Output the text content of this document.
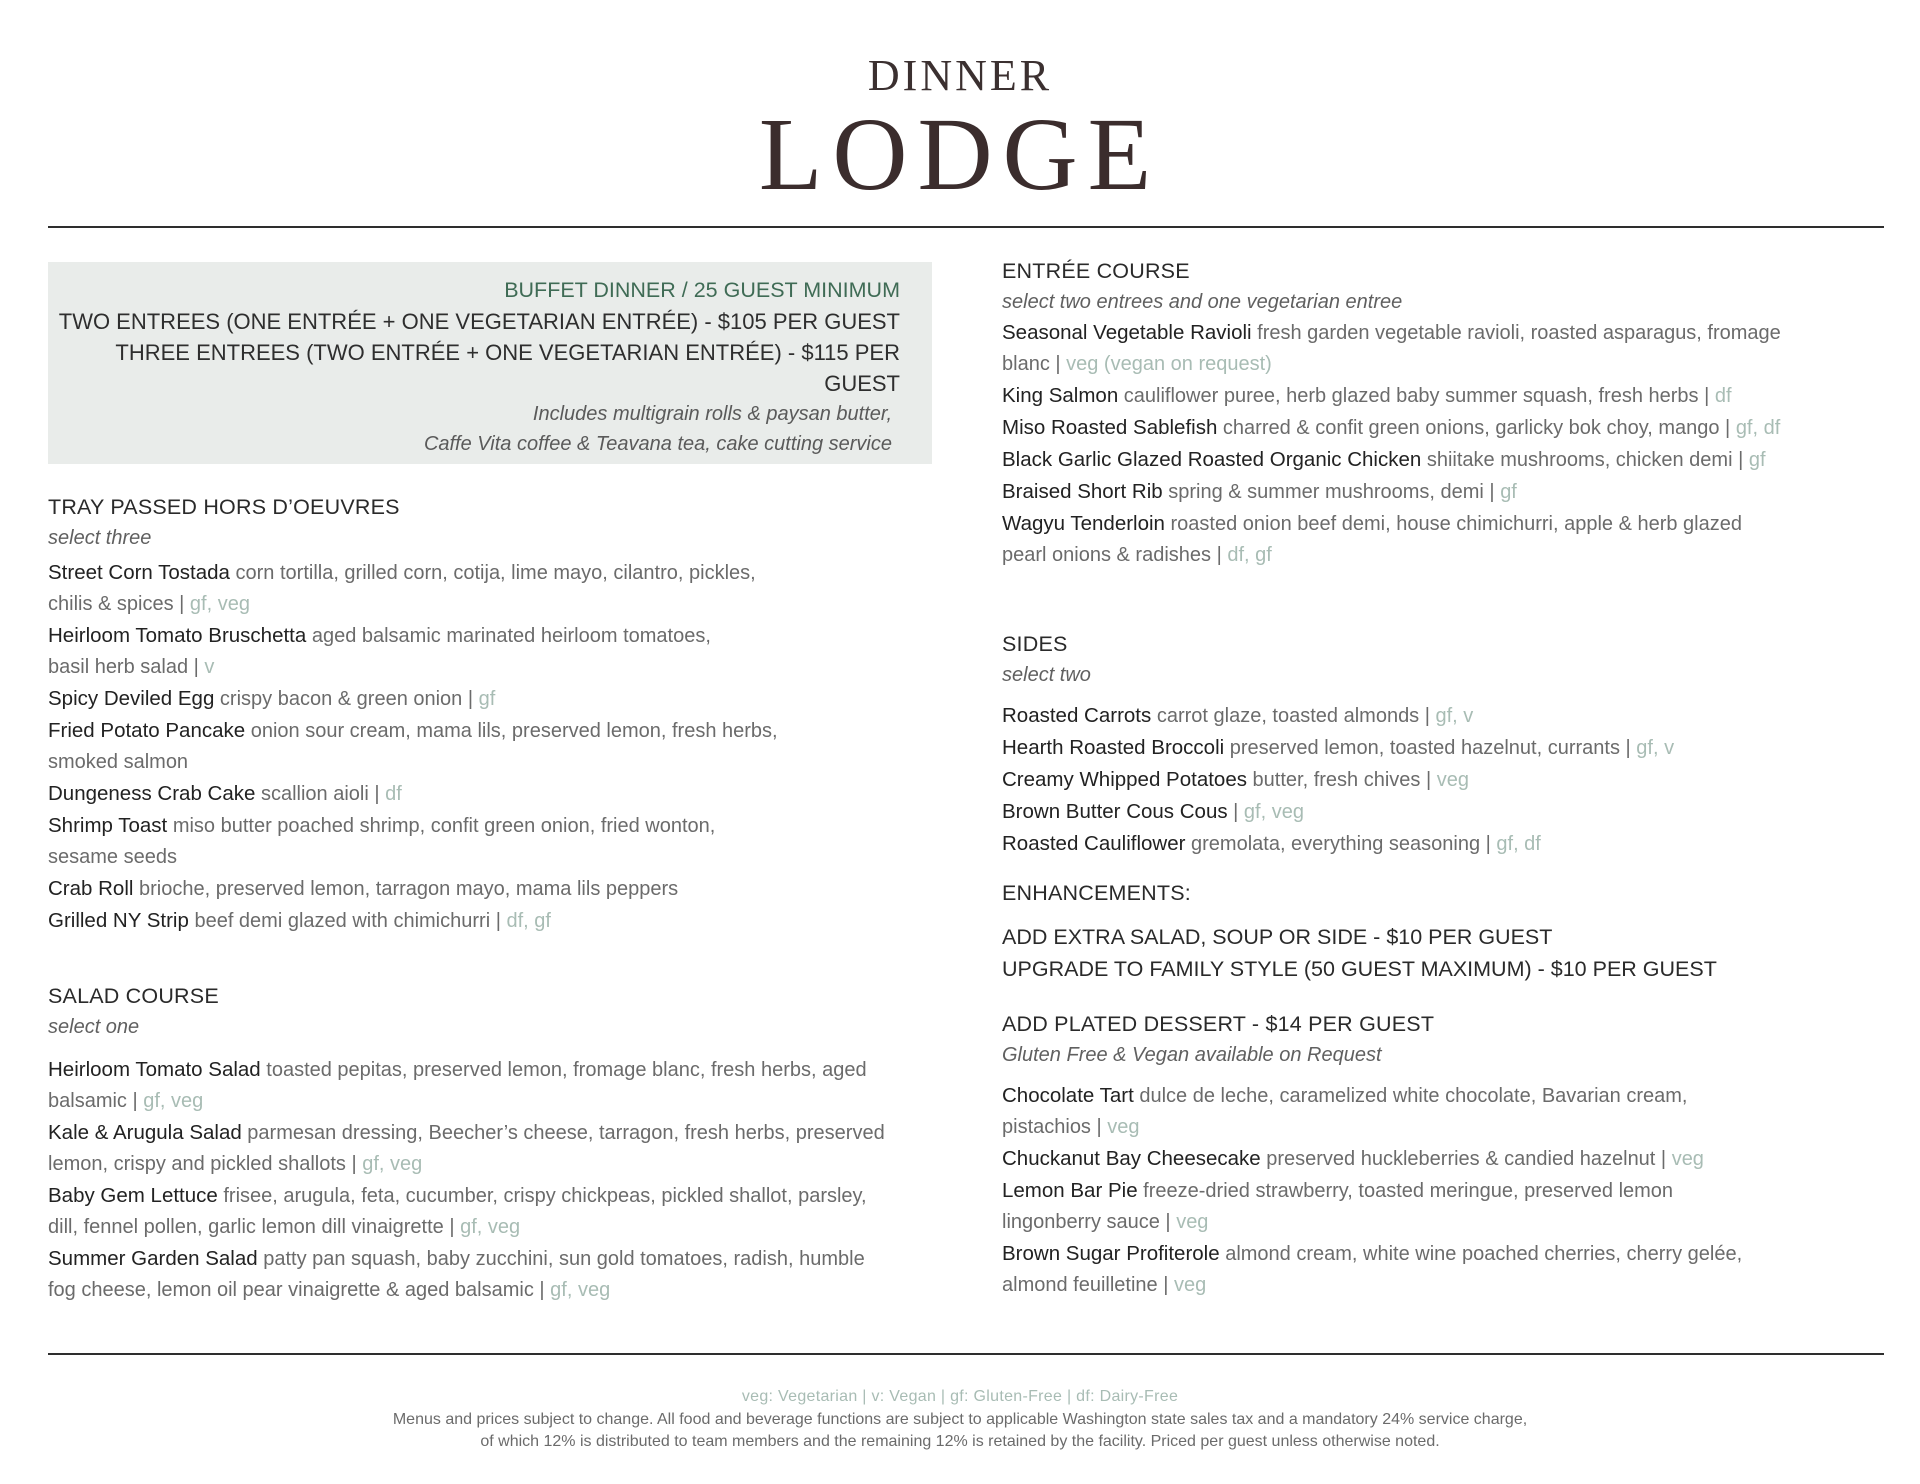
DINNER
LODGE
BUFFET DINNER / 25 GUEST MINIMUM
TWO ENTREES (ONE ENTRÉE + ONE VEGETARIAN ENTRÉE) - $105 PER GUEST
THREE ENTREES (TWO ENTRÉE + ONE VEGETARIAN ENTRÉE) - $115 PER GUEST
Includes multigrain rolls & paysan butter,
Caffe Vita coffee & Teavana tea, cake cutting service
TRAY PASSED HORS D’OEUVRES
select three
Street Corn Tostada corn tortilla, grilled corn, cotija, lime mayo, cilantro, pickles,
chilis & spices | gf, veg
Heirloom Tomato Bruschetta aged balsamic marinated heirloom tomatoes,
basil herb salad | v
Spicy Deviled Egg crispy bacon & green onion | gf
Fried Potato Pancake onion sour cream, mama lils, preserved lemon, fresh herbs,
smoked salmon
Dungeness Crab Cake scallion aioli | df
Shrimp Toast miso butter poached shrimp, confit green onion, fried wonton,
sesame seeds
Crab Roll brioche, preserved lemon, tarragon mayo, mama lils peppers
Grilled NY Strip beef demi glazed with chimichurri | df, gf
SALAD COURSE
select one
Heirloom Tomato Salad toasted pepitas, preserved lemon, fromage blanc, fresh herbs, aged
balsamic | gf, veg
Kale & Arugula Salad parmesan dressing, Beecher’s cheese, tarragon, fresh herbs, preserved
lemon, crispy and pickled shallots | gf, veg
Baby Gem Lettuce frisee, arugula, feta, cucumber, crispy chickpeas, pickled shallot, parsley,
dill, fennel pollen, garlic lemon dill vinaigrette | gf, veg
Summer Garden Salad patty pan squash, baby zucchini, sun gold tomatoes, radish, humble
fog cheese, lemon oil pear vinaigrette & aged balsamic | gf, veg
ENTRÉE COURSE
select two entrees and one vegetarian entree
Seasonal Vegetable Ravioli fresh garden vegetable ravioli, roasted asparagus, fromage
blanc | veg (vegan on request)
King Salmon cauliflower puree, herb glazed baby summer squash, fresh herbs | df
Miso Roasted Sablefish charred & confit green onions, garlicky bok choy, mango | gf, df
Black Garlic Glazed Roasted Organic Chicken shiitake mushrooms, chicken demi | gf
Braised Short Rib spring & summer mushrooms, demi | gf
Wagyu Tenderloin roasted onion beef demi, house chimichurri, apple & herb glazed
pearl onions & radishes | df, gf
SIDES
select two
Roasted Carrots carrot glaze, toasted almonds | gf, v
Hearth Roasted Broccoli preserved lemon, toasted hazelnut, currants | gf, v
Creamy Whipped Potatoes butter, fresh chives | veg
Brown Butter Cous Cous | gf, veg
Roasted Cauliflower gremolata, everything seasoning | gf, df
ENHANCEMENTS:
ADD EXTRA SALAD, SOUP OR SIDE - $10 PER GUEST
UPGRADE TO FAMILY STYLE (50 GUEST MAXIMUM) - $10 PER GUEST
ADD PLATED DESSERT - $14 PER GUEST
Gluten Free & Vegan available on Request
Chocolate Tart dulce de leche, caramelized white chocolate, Bavarian cream,
pistachios | veg
Chuckanut Bay Cheesecake preserved huckleberries & candied hazelnut | veg
Lemon Bar Pie freeze-dried strawberry, toasted meringue, preserved lemon
lingonberry sauce | veg
Brown Sugar Profiterole almond cream, white wine poached cherries, cherry gelée,
almond feuilletine | veg
veg: Vegetarian | v: Vegan | gf: Gluten-Free | df: Dairy-Free
Menus and prices subject to change. All food and beverage functions are subject to applicable Washington state sales tax and a mandatory 24% service charge,
of which 12% is distributed to team members and the remaining 12% is retained by the facility. Priced per guest unless otherwise noted.
